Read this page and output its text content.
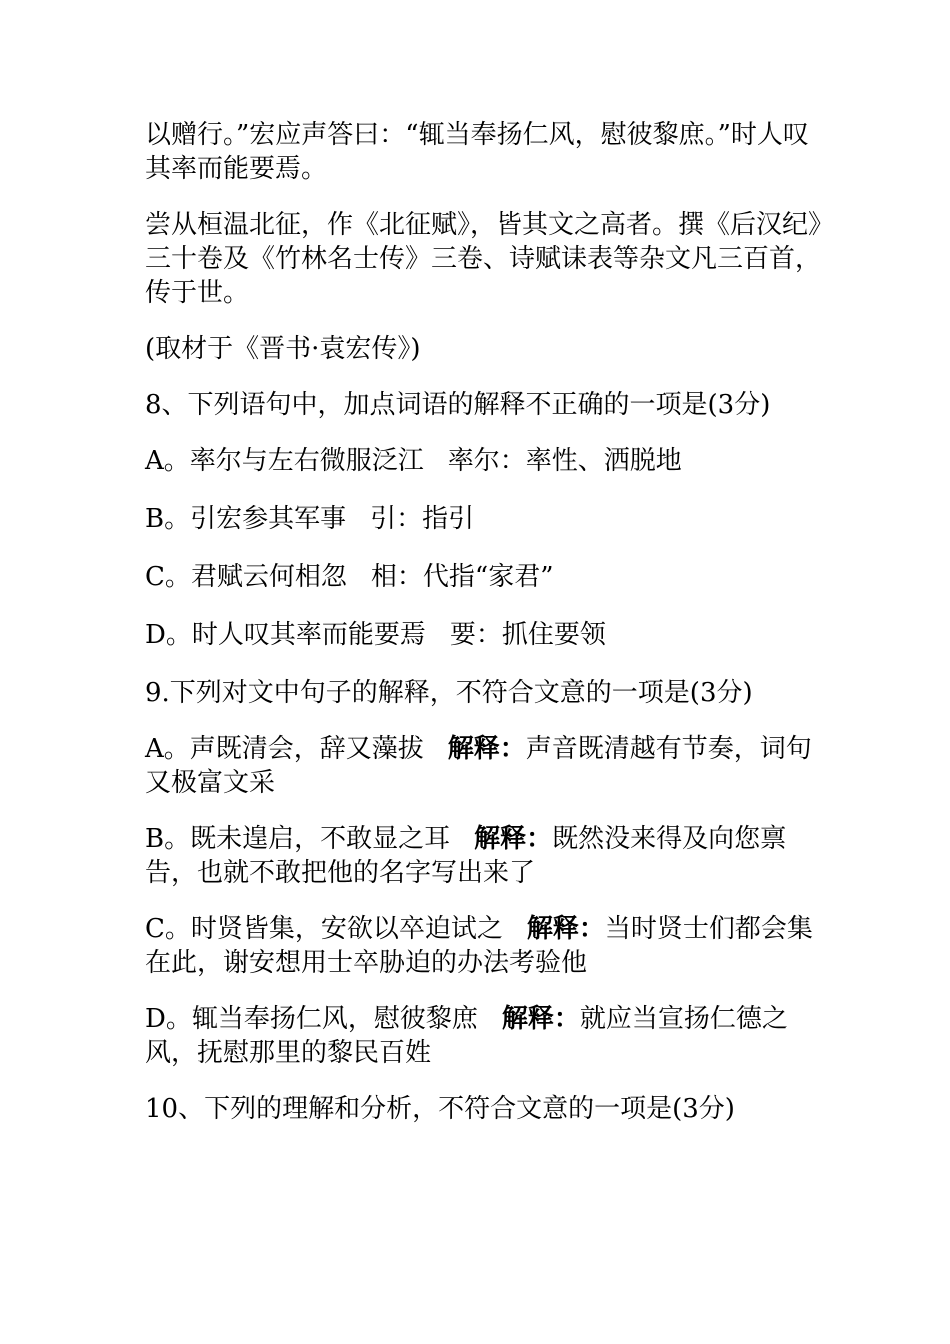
以赠行。”宏应声答曰：“辄当奉扬仁风，慰彼黎庶。”时人叹其率而能要焉。

尝从桓温北征，作《北征赋》，皆其文之高者。撰《后汉纪》三十卷及《竹林名士传》三卷、诗赋诔表等杂文凡三百首，传于世。

(取材于《晋书·袁宏传》)

8、下列语句中，加点词语的解释不正确的一项是(3分)

A。率尔与左右微服泛江 率尔：率性、洒脱地

B。引宏参其军事 引：指引

C。君赋云何相忽 相：代指“家君”

D。时人叹其率而能要焉 要：抓住要领

9.下列对文中句子的解释，不符合文意的一项是(3分)

A。声既清会，辞又藻拔 解释：声音既清越有节奏，词句又极富文采

B。既未遑启，不敢显之耳 解释：既然没来得及向您禀告，也就不敢把他的名字写出来了

C。时贤皆集，安欲以卒迫试之 解释：当时贤士们都会集在此，谢安想用士卒胁迫的办法考验他

D。辄当奉扬仁风，慰彼黎庶 解释：就应当宣扬仁德之风，抚慰那里的黎民百姓

10、下列的理解和分析，不符合文意的一项是(3分)
